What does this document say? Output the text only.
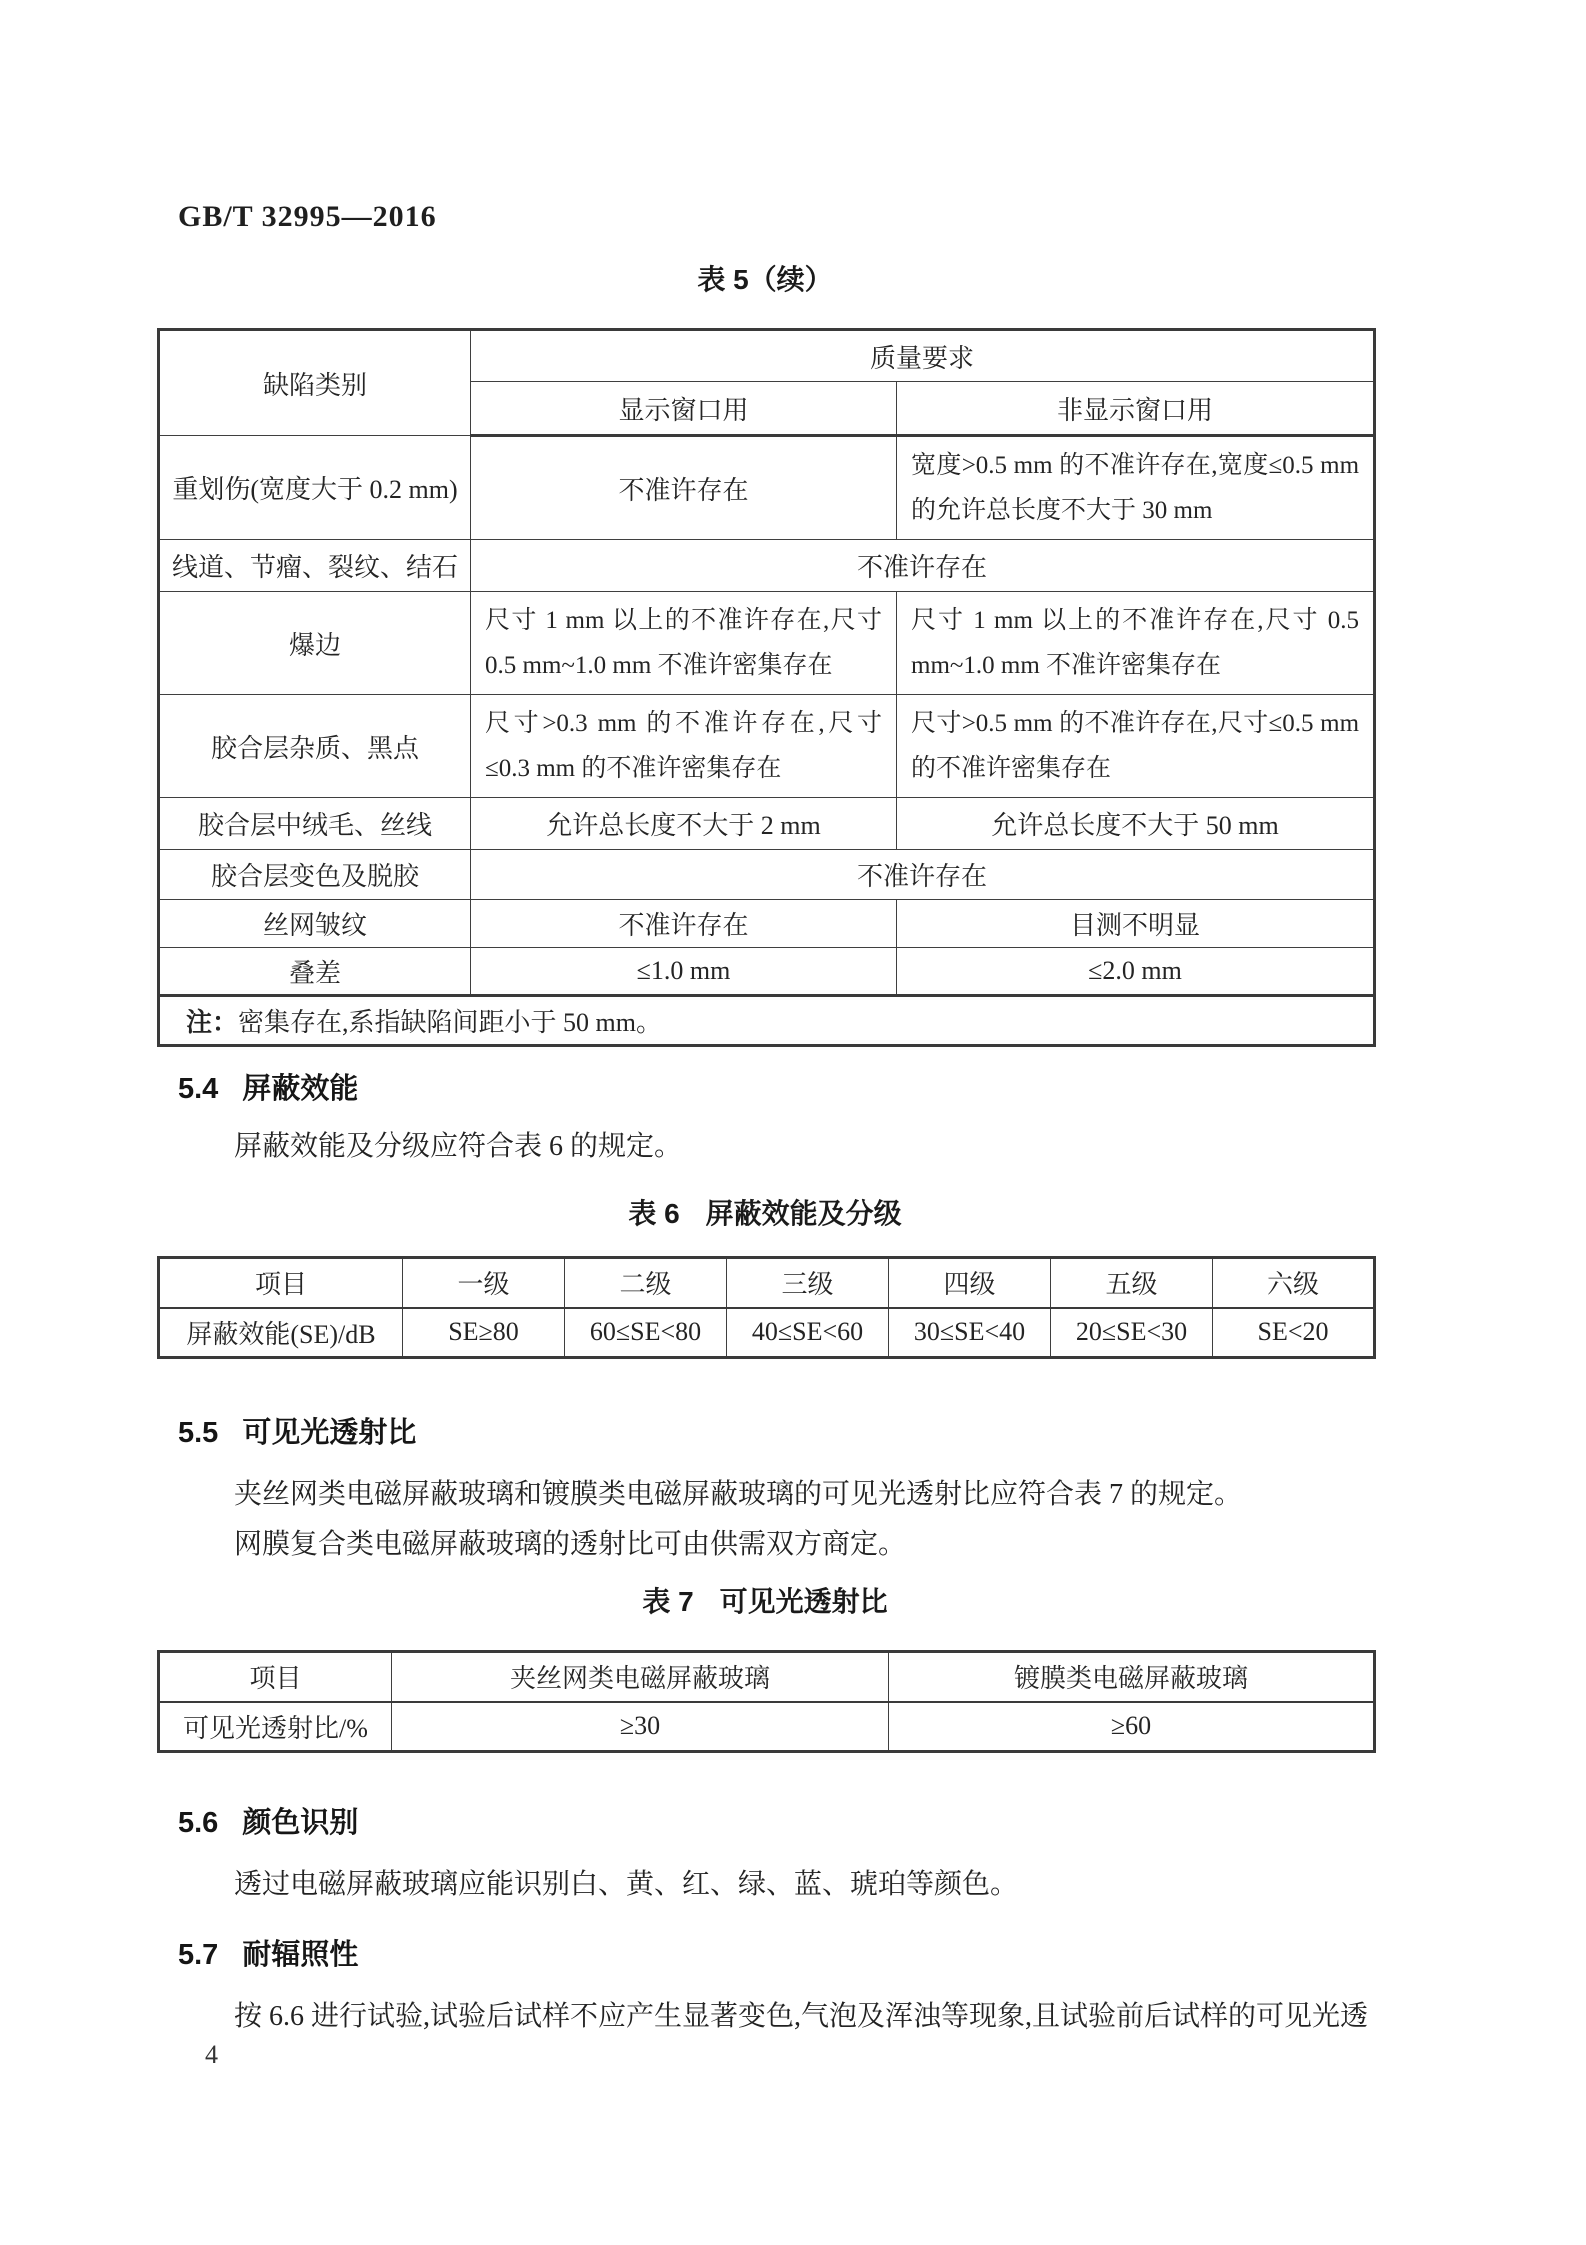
GB/T 32995—2016
表 5（续）
缺陷类别	质量要求	
	显示窗口用	非显示窗口用
重划伤(宽度大于 0.2 mm)	不准许存在	宽度>0.5 mm 的不准许存在,宽度≤0.5 mm 的允许总长度不大于 30 mm
线道、节瘤、裂纹、结石	不准许存在	
爆边	尺寸 1 mm 以上的不准许存在,尺寸 0.5 mm~1.0 mm 不准许密集存在	尺寸 1 mm 以上的不准许存在,尺寸 0.5 mm~1.0 mm 不准许密集存在
胶合层杂质、黑点	尺寸>0.3 mm 的不准许存在,尺寸≤0.3 mm 的不准许密集存在	尺寸>0.5 mm 的不准许存在,尺寸≤0.5 mm 的不准许密集存在
胶合层中绒毛、丝线	允许总长度不大于 2 mm	允许总长度不大于 50 mm
胶合层变色及脱胶	不准许存在	
丝网皱纹	不准许存在	目测不明显
叠差	≤1.0 mm	≤2.0 mm
注：密集存在,系指缺陷间距小于 50 mm。		
5.4 屏蔽效能
屏蔽效能及分级应符合表 6 的规定。
表 6 屏蔽效能及分级
项目	一级	二级	三级	四级	五级	六级
屏蔽效能(SE)/dB	SE≥80	60≤SE<80	40≤SE<60	30≤SE<40	20≤SE<30	SE<20
5.5 可见光透射比
夹丝网类电磁屏蔽玻璃和镀膜类电磁屏蔽玻璃的可见光透射比应符合表 7 的规定。
网膜复合类电磁屏蔽玻璃的透射比可由供需双方商定。
表 7 可见光透射比
项目	夹丝网类电磁屏蔽玻璃	镀膜类电磁屏蔽玻璃
可见光透射比/%	≥30	≥60
5.6 颜色识别
透过电磁屏蔽玻璃应能识别白、黄、红、绿、蓝、琥珀等颜色。
5.7 耐辐照性
按 6.6 进行试验,试验后试样不应产生显著变色,气泡及浑浊等现象,且试验前后试样的可见光透
4
